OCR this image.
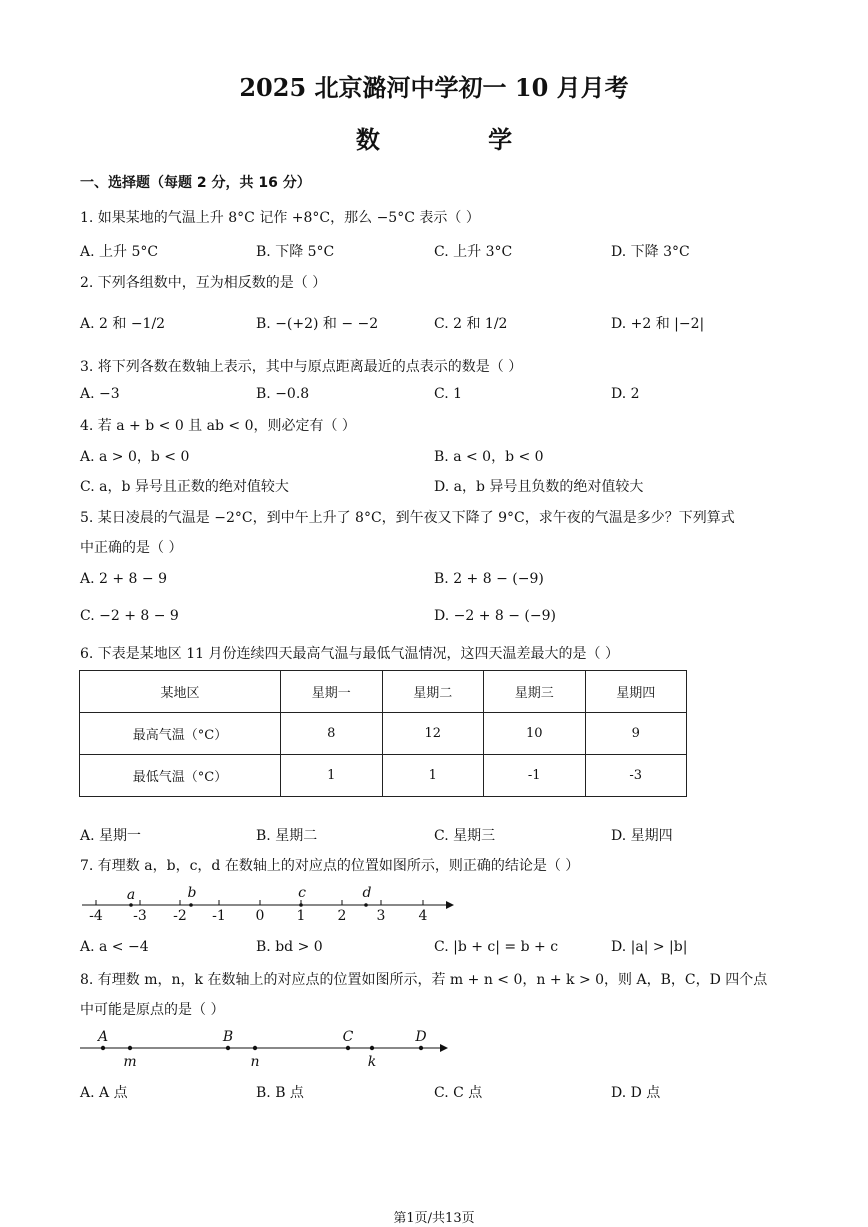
2025 北京潞河中学初一 10 月月考
数 学
一、选择题（每题 2 分，共 16 分）
1. 如果某地的气温上升 8°C 记作 +8°C，那么 −5°C 表示（ ）
A. 上升 5°C	B. 下降 5°C	C. 上升 3°C	D. 下降 3°C
2. 下列各组数中，互为相反数的是（ ）
A. 2 和 −1/2	B. −(+2) 和 − −2	C. 2 和 1/2	D. +2 和 |−2|
3. 将下列各数在数轴上表示，其中与原点距离最近的点表示的数是（ ）
A. −3	B. −0.8	C. 1	D. 2
4. 若 a + b < 0 且 ab < 0，则必定有（ ）
A. a > 0，b < 0	B. a < 0，b < 0
C. a，b 异号且正数的绝对值较大	D. a，b 异号且负数的绝对值较大
5. 某日凌晨的气温是 −2°C，到中午上升了 8°C，到午夜又下降了 9°C，求午夜的气温是多少？下列算式
中正确的是（ ）
A. 2 + 8 − 9	B. 2 + 8 − (−9)
C. −2 + 8 − 9	D. −2 + 8 − (−9)
6. 下表是某地区 11 月份连续四天最高气温与最低气温情况，这四天温差最大的是（ ）
某地区	星期一	星期二	星期三	星期四
最高气温（°C）	8	12	10	9
最低气温（°C）	1	1	-1	-3
A. 星期一	B. 星期二	C. 星期三	D. 星期四
7. 有理数 a，b，c，d 在数轴上的对应点的位置如图所示，则正确的结论是（ ）
-4 -3 -2 -1 0 1 2 3 4
a	b	c	d
A. a < −4	B. bd > 0	C. |b + c| = b + c	D. |a| > |b|
8. 有理数 m，n，k 在数轴上的对应点的位置如图所示，若 m + n < 0，n + k > 0，则 A，B，C，D 四个点
中可能是原点的是（ ）
A	B	C	D
m	n	k
A. A 点	B. B 点	C. C 点	D. D 点
第1页/共13页
